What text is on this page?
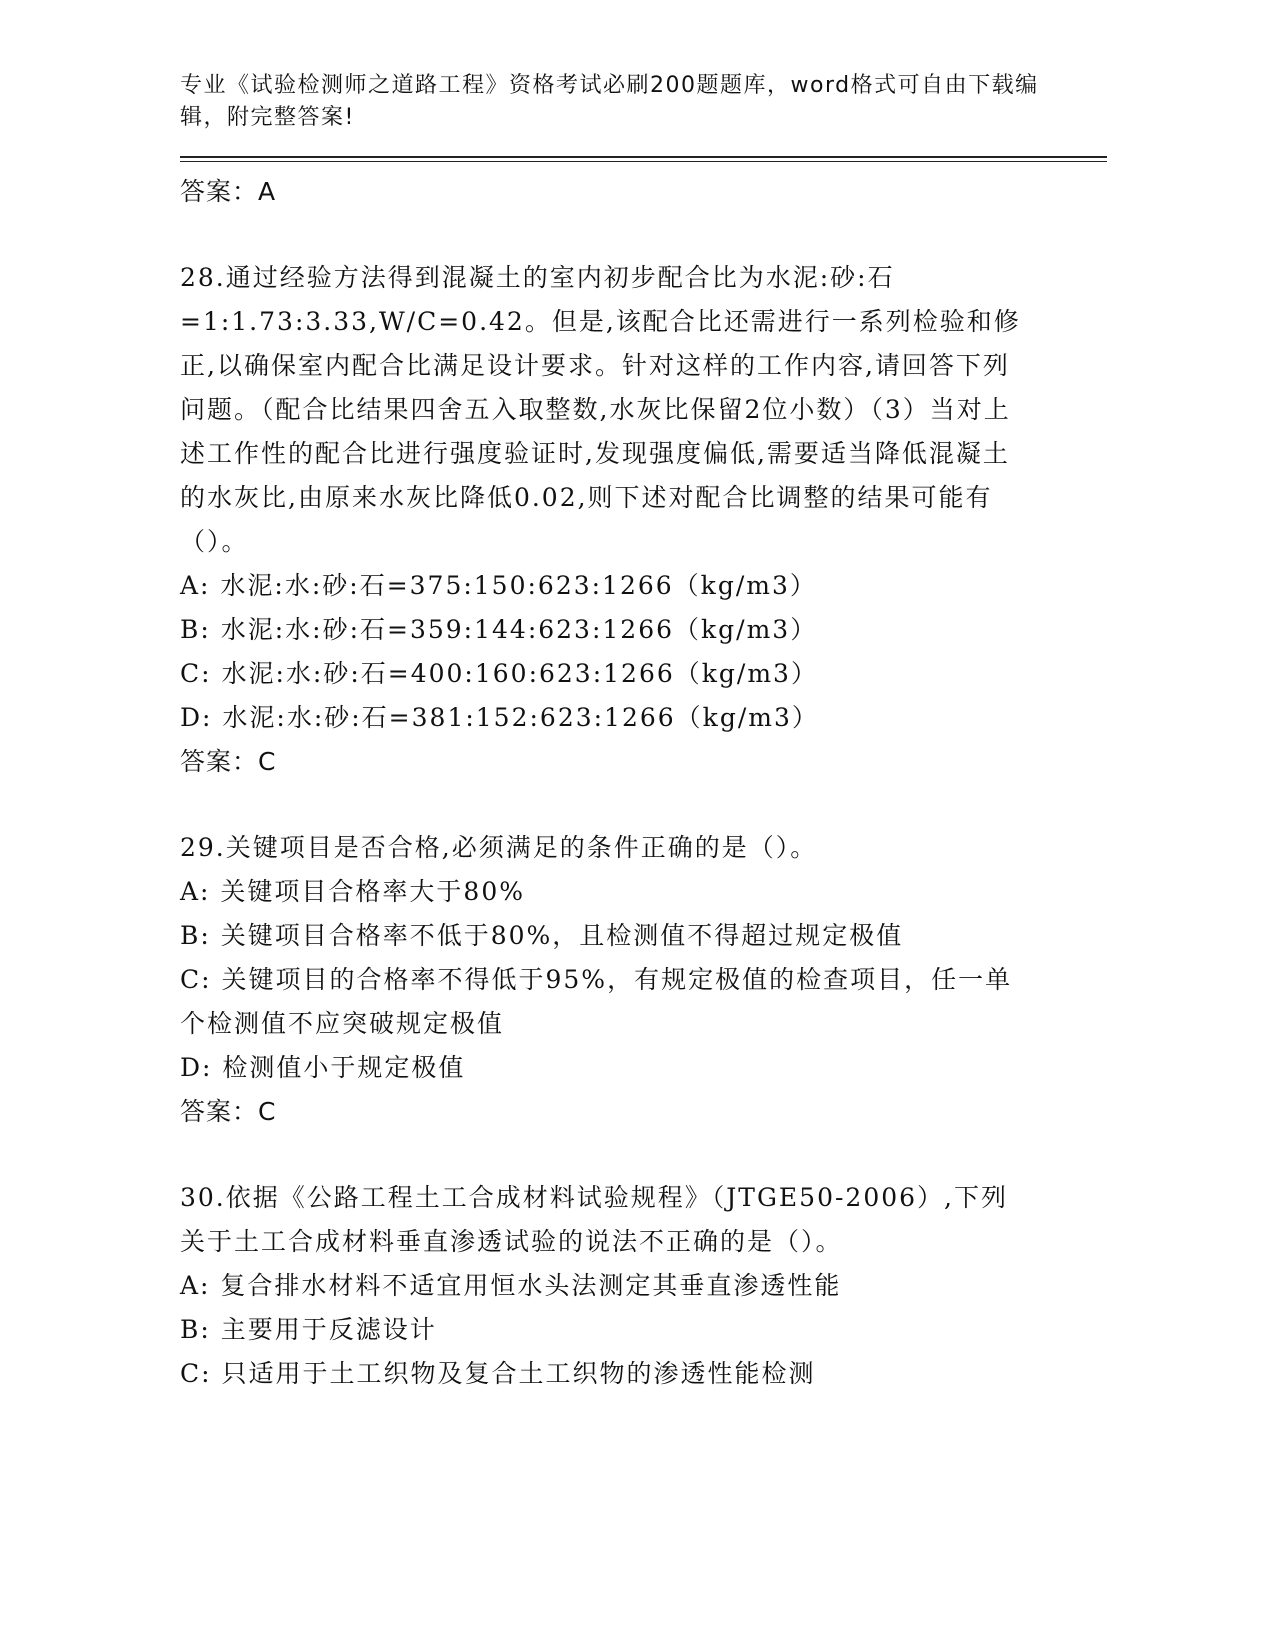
专业《试验检测师之道路工程》资格考试必刷200题题库，word格式可自由下载编辑，附完整答案!

答案：A

28.通过经验方法得到混凝土的室内初步配合比为水泥:砂:石=1:1.73:3.33,W/C=0.42。但是,该配合比还需进行一系列检验和修正,以确保室内配合比满足设计要求。针对这样的工作内容,请回答下列问题。（配合比结果四舍五入取整数,水灰比保留2位小数）（3）当对上述工作性的配合比进行强度验证时,发现强度偏低,需要适当降低混凝土的水灰比,由原来水灰比降低0.02,则下述对配合比调整的结果可能有（）。

A: 水泥:水:砂:石=375:150:623:1266（kg/m3）

B: 水泥:水:砂:石=359:144:623:1266（kg/m3）

C: 水泥:水:砂:石=400:160:623:1266（kg/m3）

D: 水泥:水:砂:石=381:152:623:1266（kg/m3）

答案：C

29.关键项目是否合格,必须满足的条件正确的是（）。

A: 关键项目合格率大于80%

B: 关键项目合格率不低于80%，且检测值不得超过规定极值

C: 关键项目的合格率不得低于95%，有规定极值的检查项目，任一单个检测值不应突破规定极值

D: 检测值小于规定极值

答案：C

30.依据《公路工程土工合成材料试验规程》（JTGE50-2006）,下列关于土工合成材料垂直渗透试验的说法不正确的是（）。

A: 复合排水材料不适宜用恒水头法测定其垂直渗透性能

B: 主要用于反滤设计

C: 只适用于土工织物及复合土工织物的渗透性能检测
